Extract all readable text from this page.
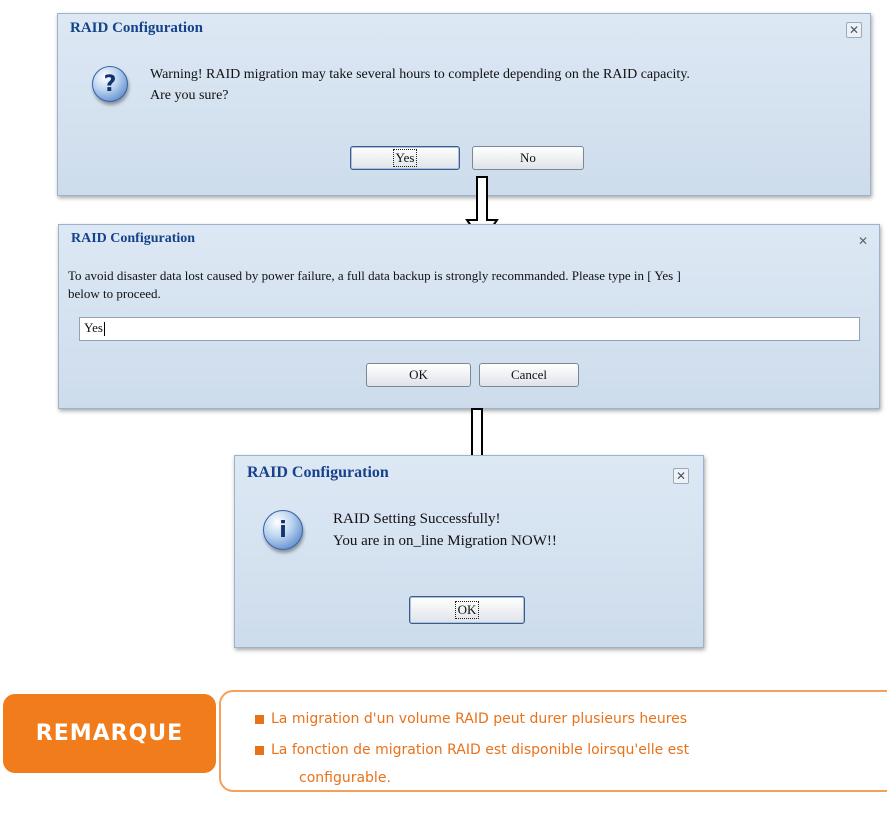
RAID Configuration	✕
?	Warning! RAID migration may take several hours to complete depending on the RAID capacity.
Are you sure?
Yes	No
RAID Configuration	✕
To avoid disaster data lost caused by power failure, a full data backup is strongly recommanded. Please type in [ Yes ]
below to proceed.
Yes
OK	Cancel
RAID Configuration	✕
i	RAID Setting Successfully!
You are in on_line Migration NOW!!
OK
La migration d'un volume RAID peut durer plusieurs heures
La fonction de migration RAID est disponible loirsqu'elle est
configurable.
REMARQUE
